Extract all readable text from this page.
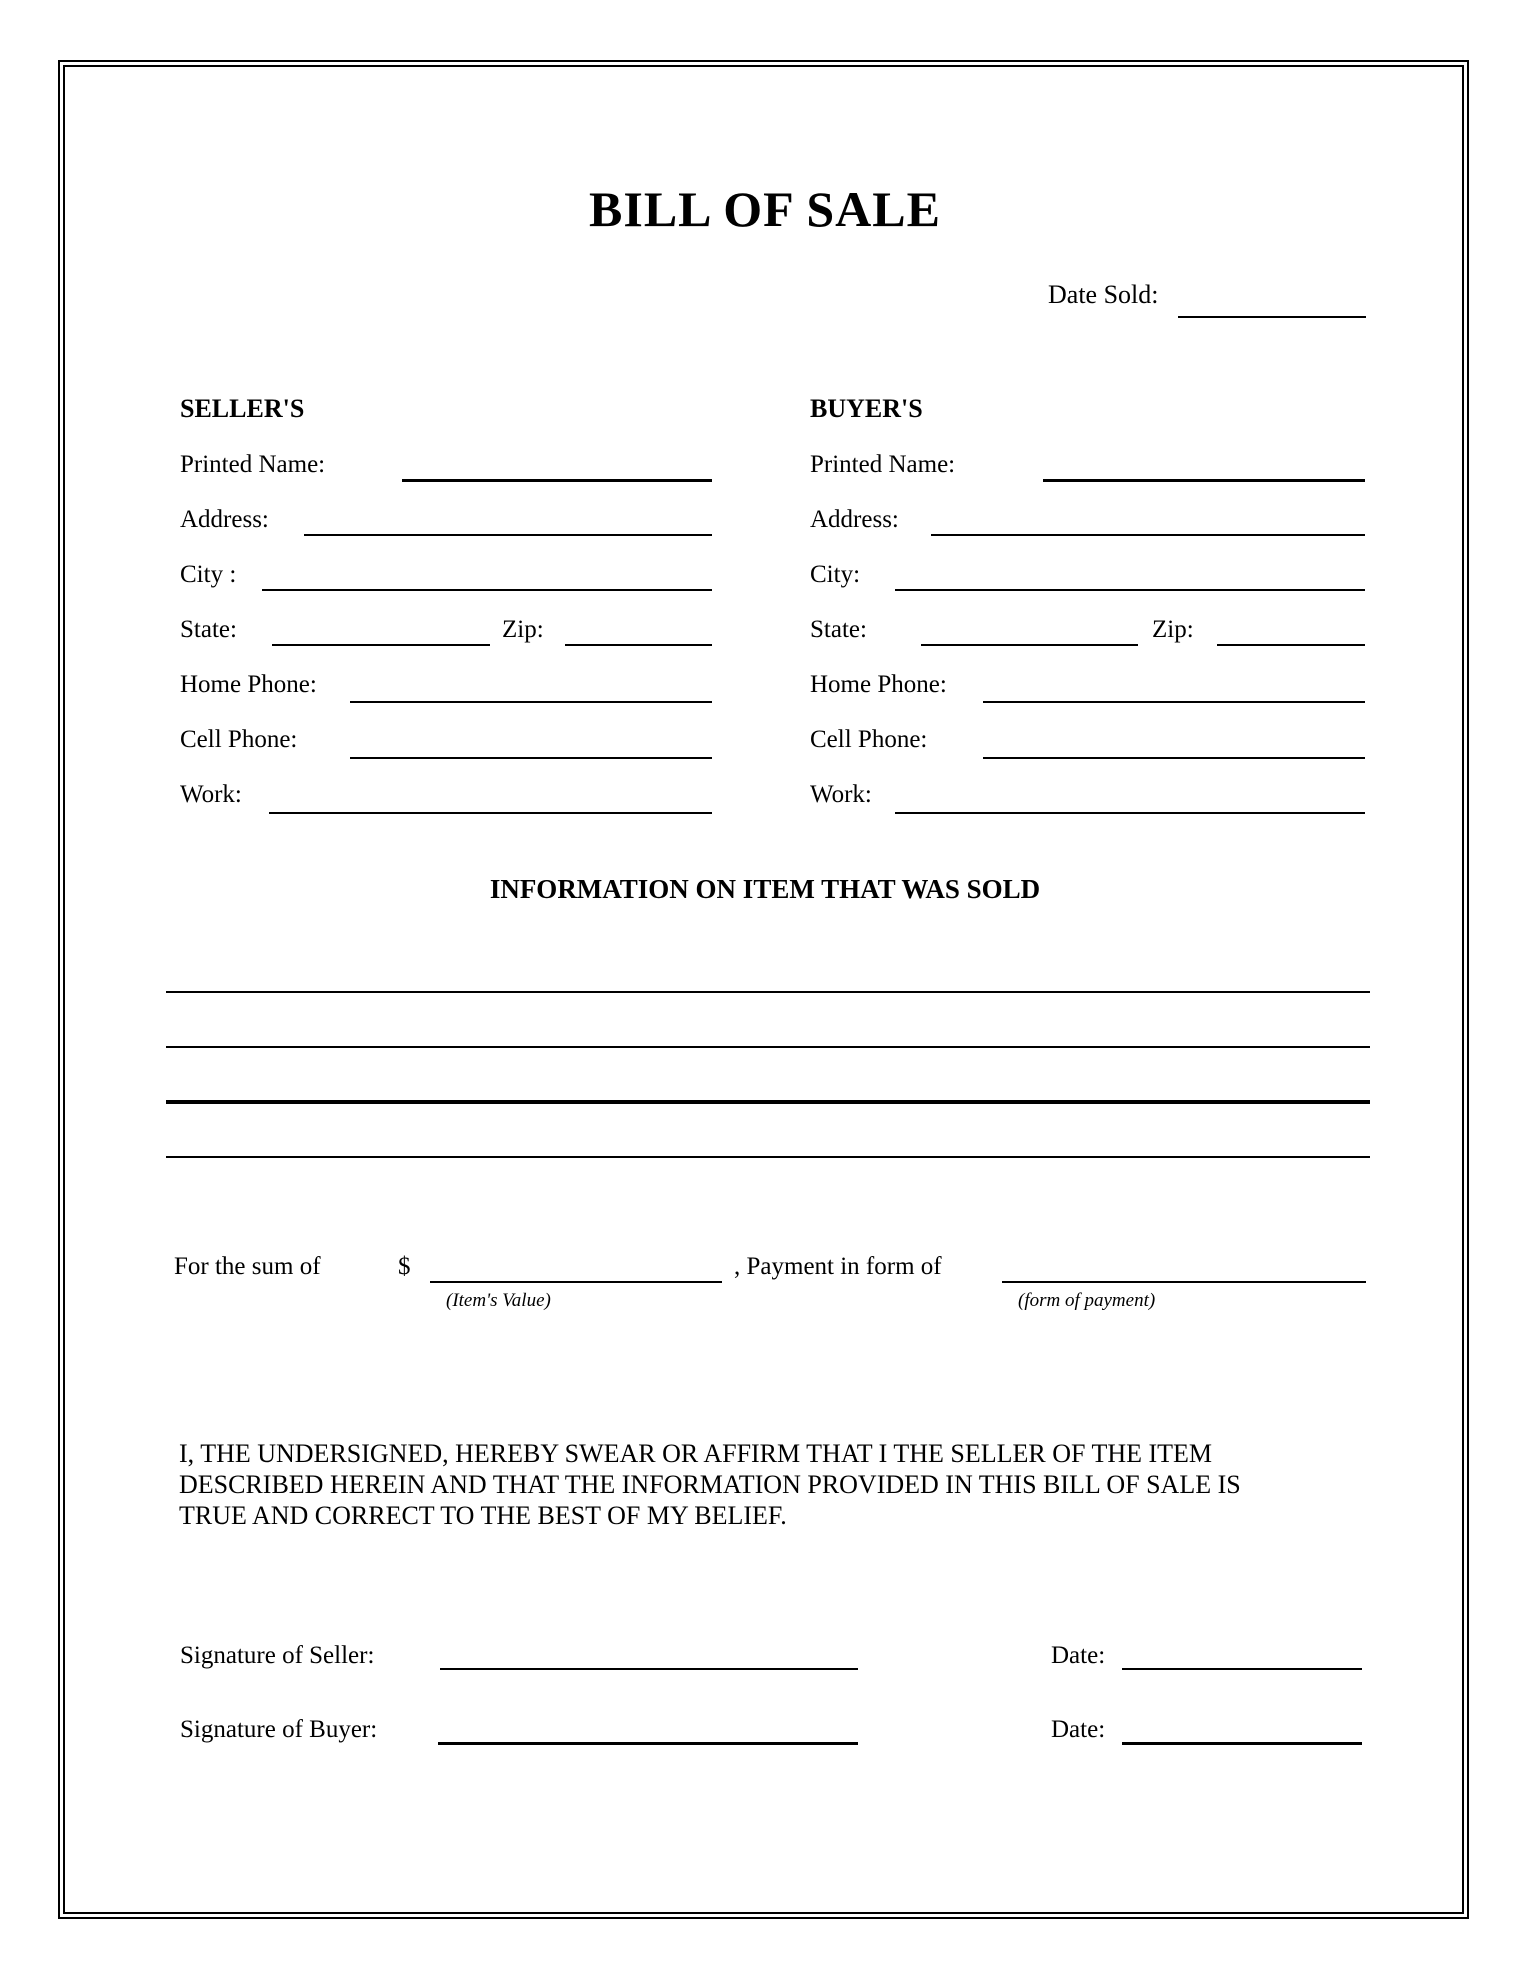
BILL OF SALE
Date Sold:
SELLER'S
Printed Name:
Address:
City :
State:	Zip:
Home Phone:
Cell Phone:
Work:
BUYER'S
Printed Name:
Address:
City:
State:	Zip:
Home Phone:
Cell Phone:
Work:
INFORMATION ON ITEM THAT WAS SOLD
For the sum of	$
(Item's Value)
, Payment in form of
(form of payment)
I, THE UNDERSIGNED, HEREBY SWEAR OR AFFIRM THAT I THE SELLER OF THE ITEM
DESCRIBED HEREIN AND THAT THE INFORMATION PROVIDED IN THIS BILL OF SALE IS
TRUE AND CORRECT TO THE BEST OF MY BELIEF.
Signature of Seller:	Date:
Signature of Buyer:	Date:
